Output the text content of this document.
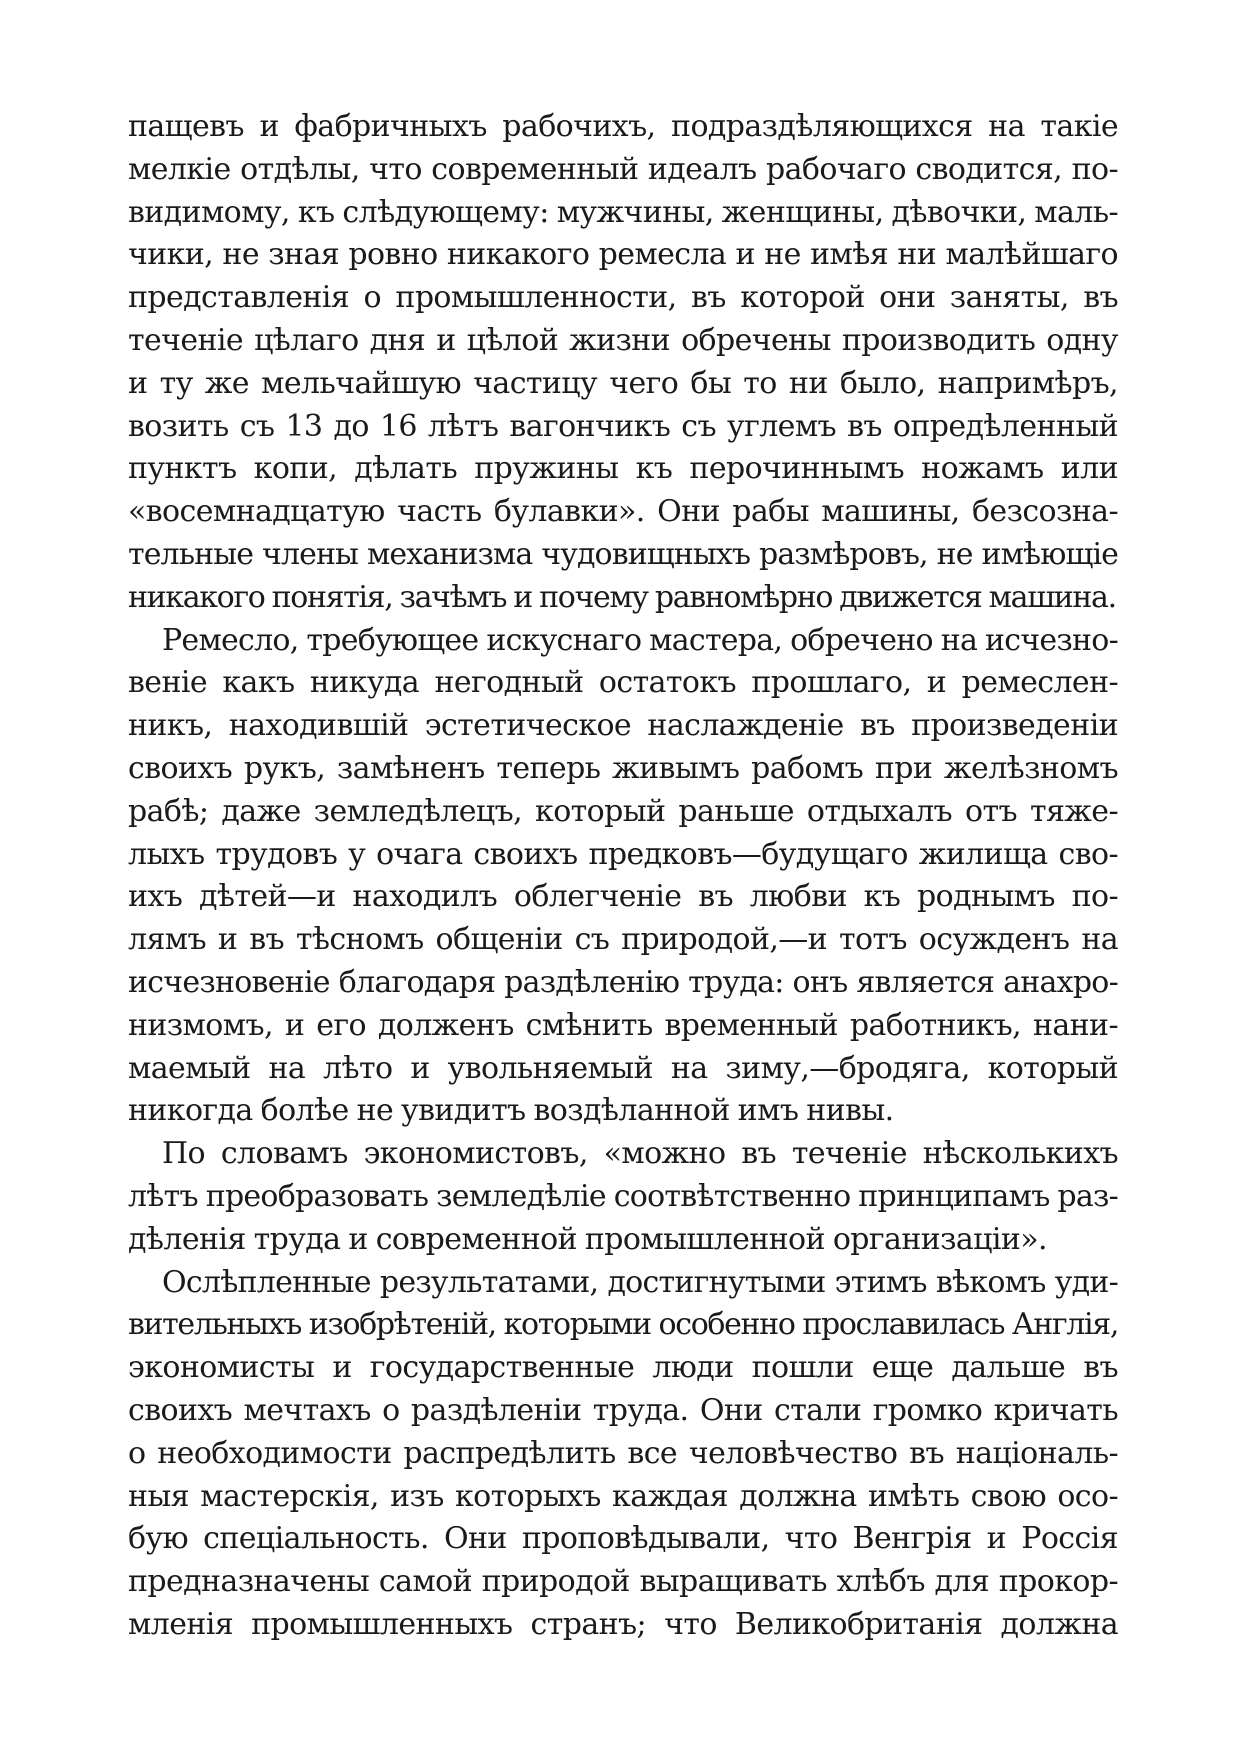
пащевъ и фабричныхъ рабочихъ, подраздѣляющихся на такіе
мелкіе отдѣлы, что современный идеалъ рабочаго сводится, по-
видимому, къ слѣдующему: мужчины, женщины, дѣвочки, маль-
чики, не зная ровно никакого ремесла и не имѣя ни малѣйшаго
представленія о промышленности, въ которой они заняты, въ
теченіе цѣлаго дня и цѣлой жизни обречены производить одну
и ту же мельчайшую частицу чего бы то ни было, напримѣръ,
возить съ 13 до 16 лѣтъ вагончикъ съ углемъ въ опредѣленный
пунктъ копи, дѣлать пружины къ перочиннымъ ножамъ или
«восемнадцатую часть булавки». Они рабы машины, безсозна-
тельные члены механизма чудовищныхъ размѣровъ, не имѣющіе
никакого понятія, зачѣмъ и почему равномѣрно движется машина.
Ремесло, требующее искуснаго мастера, обречено на исчезно-
веніе какъ никуда негодный остатокъ прошлаго, и ремеслен-
никъ, находившій эстетическое наслажденіе въ произведеніи
своихъ рукъ, замѣненъ теперь живымъ рабомъ при желѣзномъ
рабѣ; даже земледѣлецъ, который раньше отдыхалъ отъ тяже-
лыхъ трудовъ у очага своихъ предковъ—будущаго жилища сво-
ихъ дѣтей—и находилъ облегченіе въ любви къ роднымъ по-
лямъ и въ тѣсномъ общеніи съ природой,—и тотъ осужденъ на
исчезновеніе благодаря раздѣленію труда: онъ является анахро-
низмомъ, и его долженъ смѣнить временный работникъ, нани-
маемый на лѣто и увольняемый на зиму,—бродяга, который
никогда болѣе не увидитъ воздѣланной имъ нивы.
По словамъ экономистовъ, «можно въ теченіе нѣсколькихъ
лѣтъ преобразовать земледѣліе соотвѣтственно принципамъ раз-
дѣленія труда и современной промышленной организаціи».
Ослѣпленные результатами, достигнутыми этимъ вѣкомъ уди-
вительныхъ изобрѣтеній, которыми особенно прославилась Англія,
экономисты и государственные люди пошли еще дальше въ
своихъ мечтахъ о раздѣленіи труда. Они стали громко кричать
о необходимости распредѣлить все человѣчество въ національ-
ныя мастерскія, изъ которыхъ каждая должна имѣть свою осо-
бую спеціальность. Они проповѣдывали, что Венгрія и Россія
предназначены самой природой выращивать хлѣбъ для прокор-
мленія промышленныхъ странъ; что Великобританія должна
